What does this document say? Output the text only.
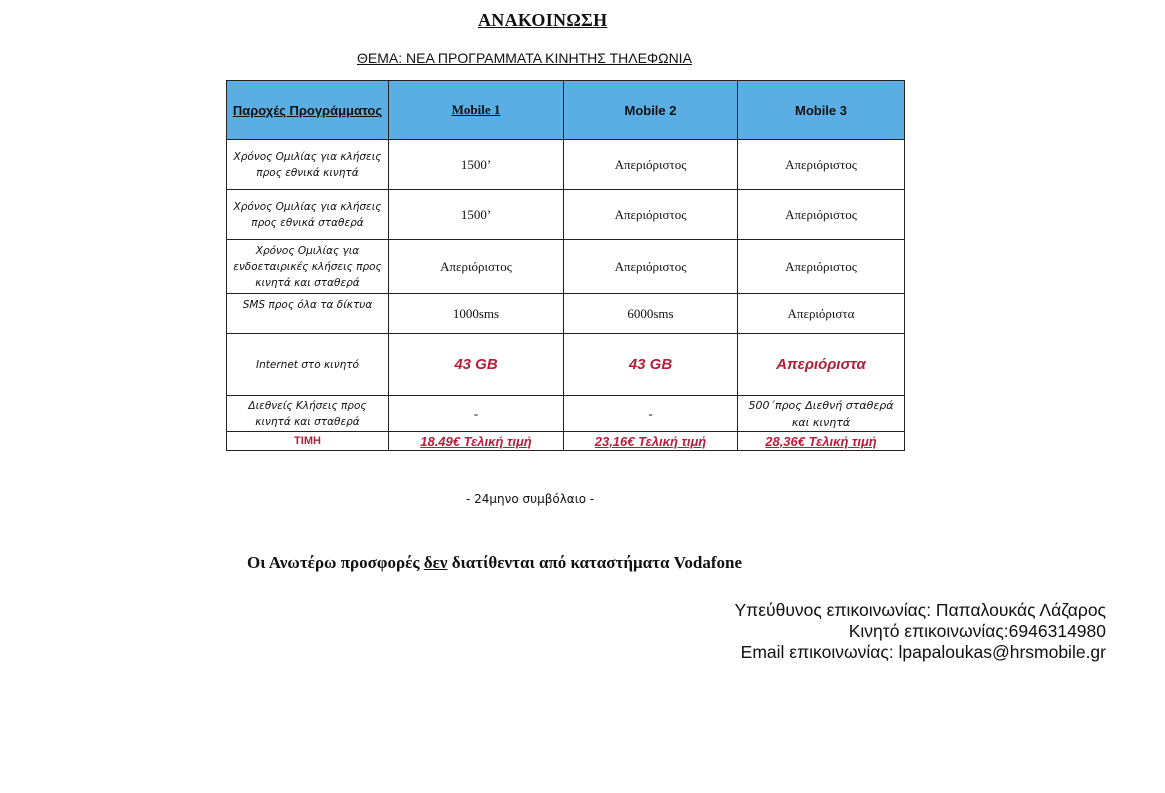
ΑΝΑΚΟΙΝΩΣΗ
ΘΕΜΑ: ΝΕΑ ΠΡΟΓΡΑΜΜΑΤΑ ΚΙΝΗΤΗΣ ΤΗΛΕΦΩΝΙΑ
Παροχές Προγράμματος	Mobile 1	Mobile 2	Mobile 3
Χρόνος Ομιλίας για κλήσεις προς εθνικά κινητά	1500’	Απεριόριστος	Απεριόριστος
Χρόνος Ομιλίας για κλήσεις προς εθνικά σταθερά	1500’	Απεριόριστος	Απεριόριστος
Χρόνος Ομιλίας για ενδοεταιρικές κλήσεις προς κινητά και σταθερά	Απεριόριστος	Απεριόριστος	Απεριόριστος
SMS προς όλα τα δίκτυα	1000sms	6000sms	Απεριόριστα
Internet στο κινητό	43 GB	43 GB	Απεριόριστα
Διεθνείς Κλήσεις προς κινητά και σταθερά	-	-	500΄προς Διεθνή σταθερά και κινητά
ΤΙΜΗ	18.49€ Τελική τιμή	23,16€ Τελική τιμή	28,36€ Τελική τιμή
- 24μηνο συμβόλαιο -
Οι Ανωτέρω προσφορές δεν διατίθενται από καταστήματα Vodafone
Υπεύθυνος επικοινωνίας: Παπαλουκάς Λάζαρος
Κινητό επικοινωνίας:6946314980
Email επικοινωνίας: lpapaloukas@hrsmobile.gr
